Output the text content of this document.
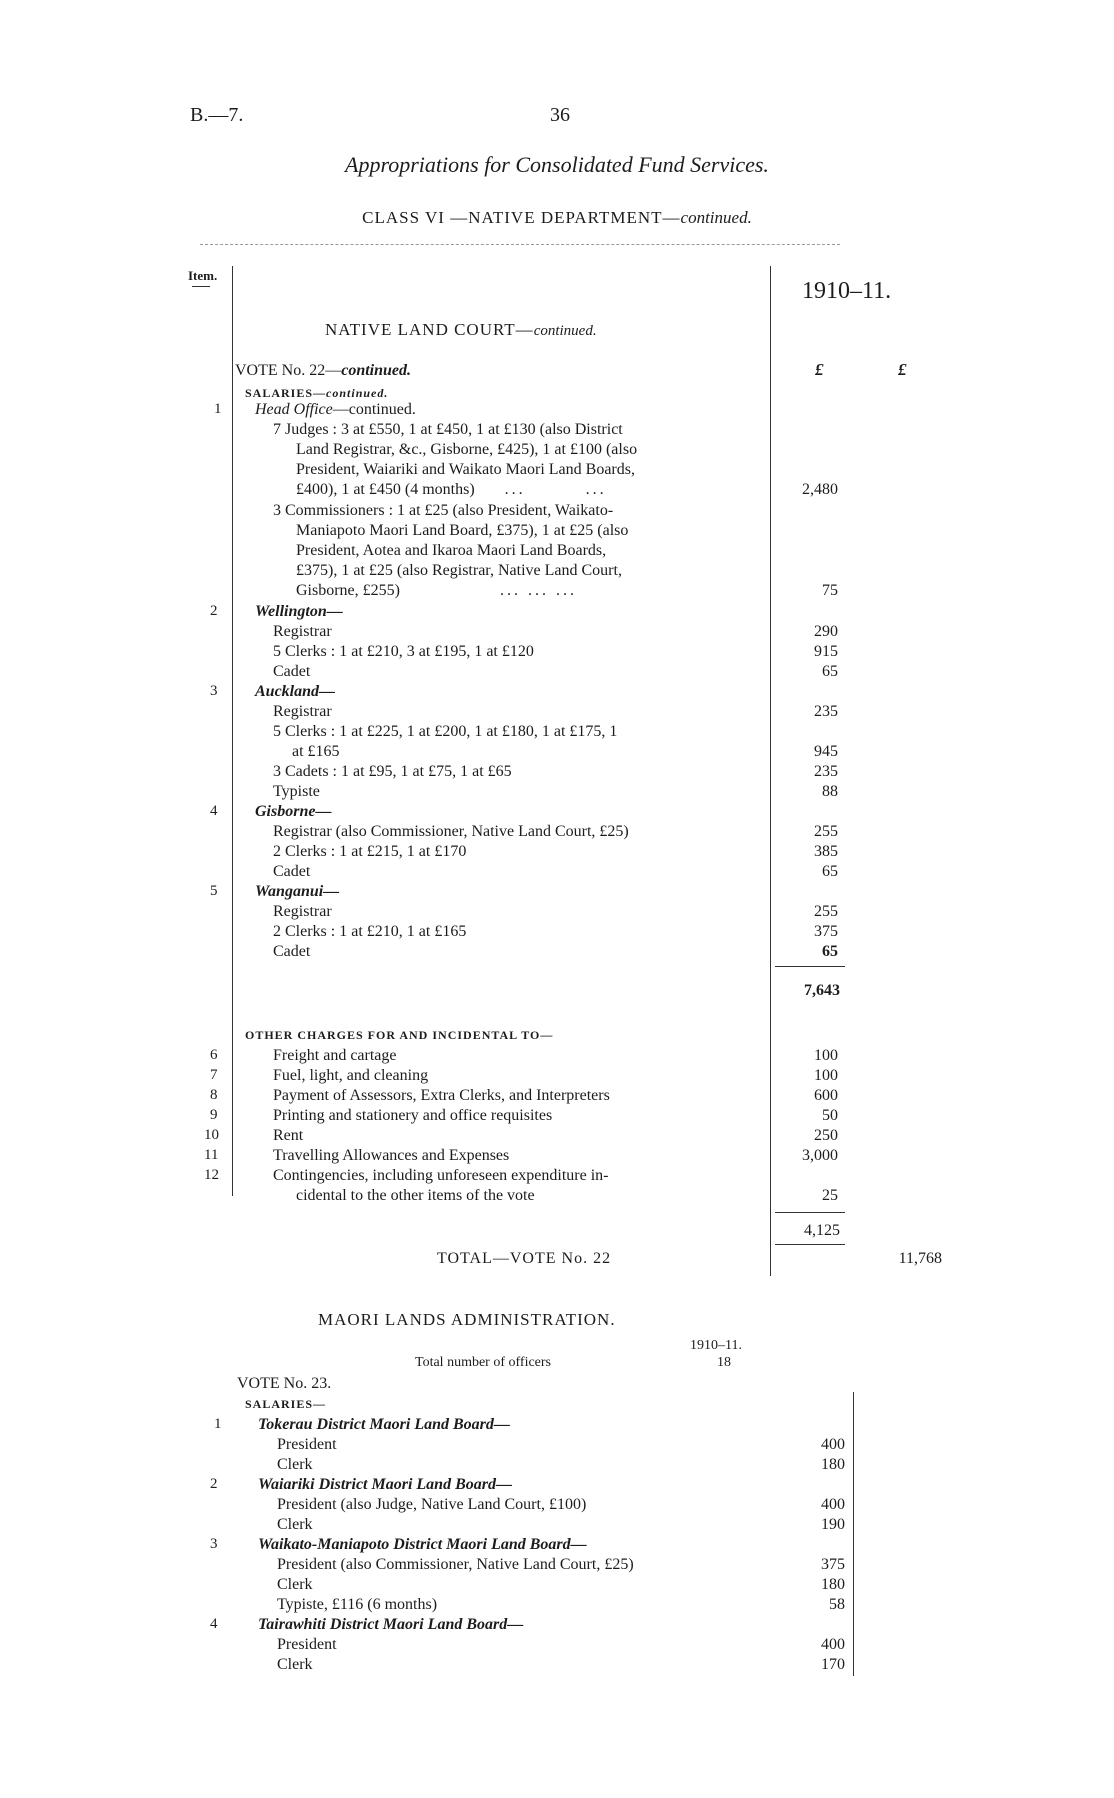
B.—7.	36
Appropriations for Consolidated Fund Services.
CLASS VI —NATIVE DEPARTMENT—continued.
Item.
1910–11.
NATIVE LAND COURT—continued.
VOTE No. 22—continued.	£	£
SALARIES—continued.
1 Head Office—continued.
7 Judges : 3 at £550, 1 at £450, 1 at £130 (also District
Land Registrar, &c., Gisborne, £425), 1 at £100 (also
President, Waiariki and Waikato Maori Land Boards,
£400), 1 at £450 (4 months) ...	...	2,480
3 Commissioners : 1 at £25 (also President, Waikato-
Maniapoto Maori Land Board, £375), 1 at £25 (also
President, Aotea and Ikaroa Maori Land Boards,
£375), 1 at £25 (also Registrar, Native Land Court,
Gisborne, £255)	... ... ...	75
2 Wellington—
Registrar	290
5 Clerks : 1 at £210, 3 at £195, 1 at £120	915
Cadet	65
3 Auckland—
Registrar	235
5 Clerks : 1 at £225, 1 at £200, 1 at £180, 1 at £175, 1
at £165	945
3 Cadets : 1 at £95, 1 at £75, 1 at £65	235
Typiste	88
4 Gisborne—
Registrar (also Commissioner, Native Land Court, £25)	255
2 Clerks : 1 at £215, 1 at £170	385
Cadet	65
5 Wanganui—
Registrar	255
2 Clerks : 1 at £210, 1 at £165	375
Cadet	65
7,643
OTHER CHARGES FOR AND INCIDENTAL TO—
6	Freight and cartage	100
7	Fuel, light, and cleaning	100
8	Payment of Assessors, Extra Clerks, and Interpreters	600
9	Printing and stationery and office requisites	50
10	Rent	250
11	Travelling Allowances and Expenses	3,000
12	Contingencies, including unforeseen expenditure in-
cidental to the other items of the vote	25
4,125
TOTAL—VOTE No. 22	11,768
MAORI LANDS ADMINISTRATION.
1910–11.
Total number of officers	18
VOTE No. 23.
SALARIES—
1 Tokerau District Maori Land Board—
President	400
Clerk	180
2	Waiariki District Maori Land Board—
President (also Judge, Native Land Court, £100)	400
Clerk	190
3	Waikato-Maniapoto District Maori Land Board—
President (also Commissioner, Native Land Court, £25)	375
Clerk	180
Typiste, £116 (6 months)	58
4	Tairawhiti District Maori Land Board—
President	400
Clerk	170
